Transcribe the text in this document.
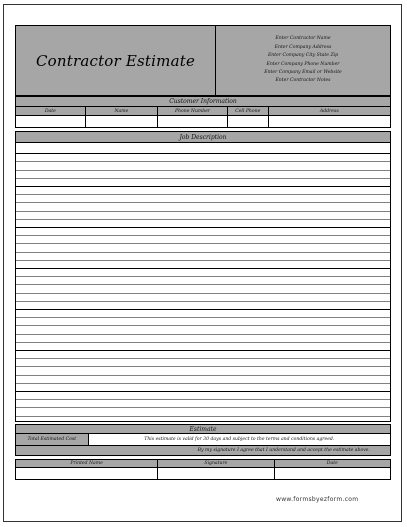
Contractor Estimate
Enter Contractor Name
Enter Company Address
Enter Company City State Zip
Enter Company Phone Number
Enter Company Email or Website
Enter Contractor Notes
Customer Information
Date	Name	Phone Number	Cell Phone	Address
Job Description
Estimate
Total Estimated Cost	This estimate is valid for 30 days and subject to the terms and conditions agreed.
By my signature I agree that I understand and accept the estimate above.
Printed Name	Signature	Date
www.formsbyezform.com
